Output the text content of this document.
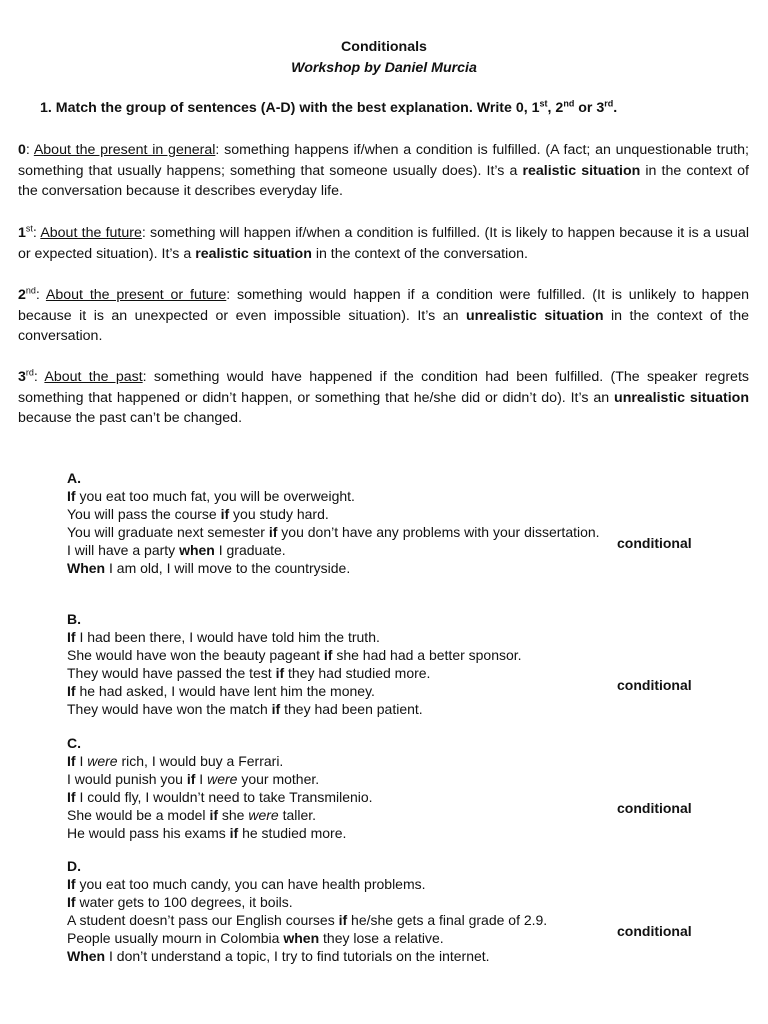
Conditionals
Workshop by Daniel Murcia
1. Match the group of sentences (A-D) with the best explanation. Write 0, 1st, 2nd or 3rd.
0: About the present in general: something happens if/when a condition is fulfilled. (A fact; an unquestionable truth; something that usually happens; something that someone usually does). It’s a realistic situation in the context of the conversation because it describes everyday life.
1st: About the future: something will happen if/when a condition is fulfilled. (It is likely to happen because it is a usual or expected situation). It’s a realistic situation in the context of the conversation.
2nd: About the present or future: something would happen if a condition were fulfilled. (It is unlikely to happen because it is an unexpected or even impossible situation). It’s an unrealistic situation in the context of the conversation.
3rd: About the past: something would have happened if the condition had been fulfilled. (The speaker regrets something that happened or didn’t happen, or something that he/she did or didn’t do). It’s an unrealistic situation because the past can’t be changed.
A.
If you eat too much fat, you will be overweight.
You will pass the course if you study hard.
You will graduate next semester if you don’t have any problems with your dissertation.
I will have a party when I graduate.
When I am old, I will move to the countryside.
_____
conditional
B.
If I had been there, I would have told him the truth.
She would have won the beauty pageant if she had had a better sponsor.
They would have passed the test if they had studied more.
If he had asked, I would have lent him the money.
They would have won the match if they had been patient.
_____
conditional
C.
If I were rich, I would buy a Ferrari.
I would punish you if I were your mother.
If I could fly, I wouldn’t need to take Transmilenio.
She would be a model if she were taller.
He would pass his exams if he studied more.
_____
conditional
D.
If you eat too much candy, you can have health problems.
If water gets to 100 degrees, it boils.
A student doesn’t pass our English courses if he/she gets a final grade of 2.9.
People usually mourn in Colombia when they lose a relative.
When I don’t understand a topic, I try to find tutorials on the internet.
_____
conditional
